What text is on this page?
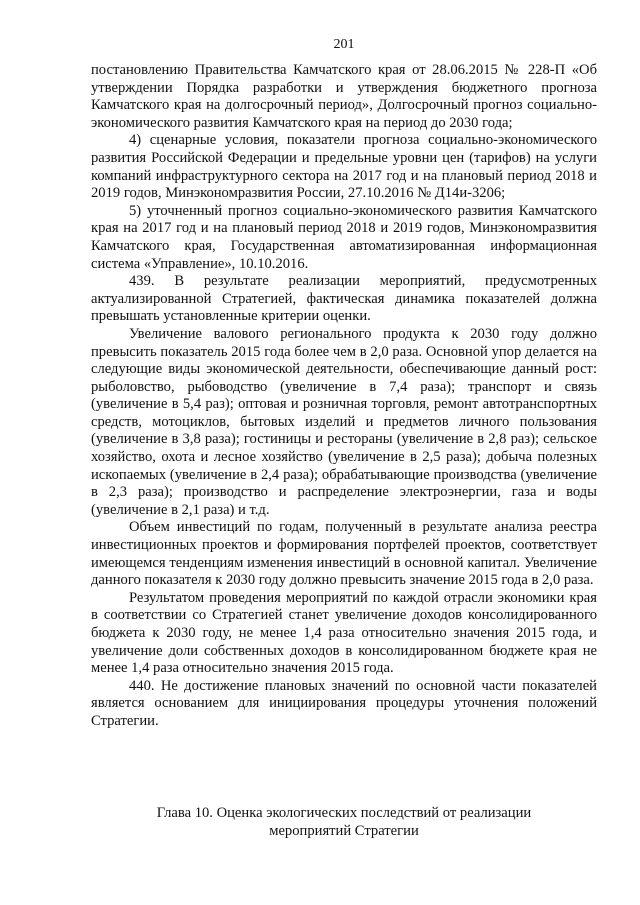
201

постановлению Правительства Камчатского края от 28.06.2015 № 228-П «Об утверждении Порядка разработки и утверждения бюджетного прогноза Камчатского края на долгосрочный период», Долгосрочный прогноз социально-экономического развития Камчатского края на период до 2030 года;

4) сценарные условия, показатели прогноза социально-экономического развития Российской Федерации и предельные уровни цен (тарифов) на услуги компаний инфраструктурного сектора на 2017 год и на плановый период 2018 и 2019 годов, Минэкономразвития России, 27.10.2016 № Д14и-3206;

5) уточненный прогноз социально-экономического развития Камчатского края на 2017 год и на плановый период 2018 и 2019 годов, Минэкономразвития Камчатского края, Государственная автоматизированная информационная система «Управление», 10.10.2016.

439. В результате реализации мероприятий, предусмотренных актуализированной Стратегией, фактическая динамика показателей должна превышать установленные критерии оценки.

Увеличение валового регионального продукта к 2030 году должно превысить показатель 2015 года более чем в 2,0 раза. Основной упор делается на следующие виды экономической деятельности, обеспечивающие данный рост: рыболовство, рыбоводство (увеличение в 7,4 раза); транспорт и связь (увеличение в 5,4 раз); оптовая и розничная торговля, ремонт автотранспортных средств, мотоциклов, бытовых изделий и предметов личного пользования (увеличение в 3,8 раза); гостиницы и рестораны (увеличение в 2,8 раз); сельское хозяйство, охота и лесное хозяйство (увеличение в 2,5 раза); добыча полезных ископаемых (увеличение в 2,4 раза); обрабатывающие производства (увеличение в 2,3 раза); производство и распределение электроэнергии, газа и воды (увеличение в 2,1 раза) и т.д.

Объем инвестиций по годам, полученный в результате анализа реестра инвестиционных проектов и формирования портфелей проектов, соответствует имеющемся тенденциям изменения инвестиций в основной капитал. Увеличение данного показателя к 2030 году должно превысить значение 2015 года в 2,0 раза.

Результатом проведения мероприятий по каждой отрасли экономики края в соответствии со Стратегией станет увеличение доходов консолидированного бюджета к 2030 году, не менее 1,4 раза относительно значения 2015 года, и увеличение доли собственных доходов в консолидированном бюджете края не менее 1,4 раза относительно значения 2015 года.

440. Не достижение плановых значений по основной части показателей является основанием для инициирования процедуры уточнения положений Стратегии.

Глава 10. Оценка экологических последствий от реализации
мероприятий Стратегии
